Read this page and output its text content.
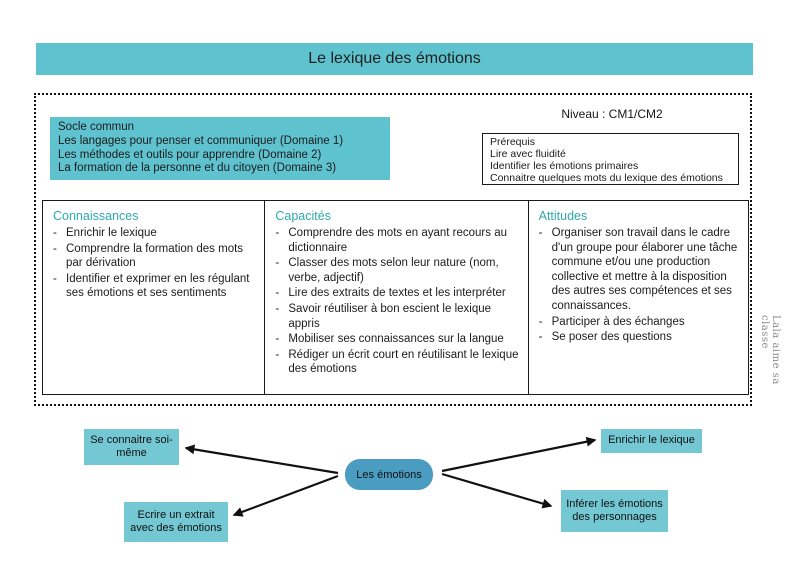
Le lexique des émotions
Socle commun
Les langages pour penser et communiquer (Domaine 1)
Les méthodes et outils pour apprendre (Domaine 2)
La formation de la personne et du citoyen (Domaine 3)
Niveau : CM1/CM2
Prérequis
Lire avec fluidité
Identifier les émotions primaires
Connaitre quelques mots du lexique des émotions
Connaissances
- Enrichir le lexique
- Comprendre la formation des mots par dérivation
- Identifier et exprimer en les régulant ses émotions et ses sentiments
Capacités
- Comprendre des mots en ayant recours au dictionnaire
- Classer des mots selon leur nature (nom, verbe, adjectif)
- Lire des extraits de textes et les interpréter
- Savoir réutiliser à bon escient le lexique appris
- Mobiliser ses connaissances sur la langue
- Rédiger un écrit court en réutilisant le lexique des émotions
Attitudes
- Organiser son travail dans le cadre d'un groupe pour élaborer une tâche commune et/ou une production collective et mettre à la disposition des autres ses compétences et ses connaissances.
- Participer à des échanges
- Se poser des questions	Lala aime sa classe
Se connaitre soi-même
Enrichir le lexique
Ecrire un extrait avec des émotions
Inférer les émotions des personnages
Les émotions
